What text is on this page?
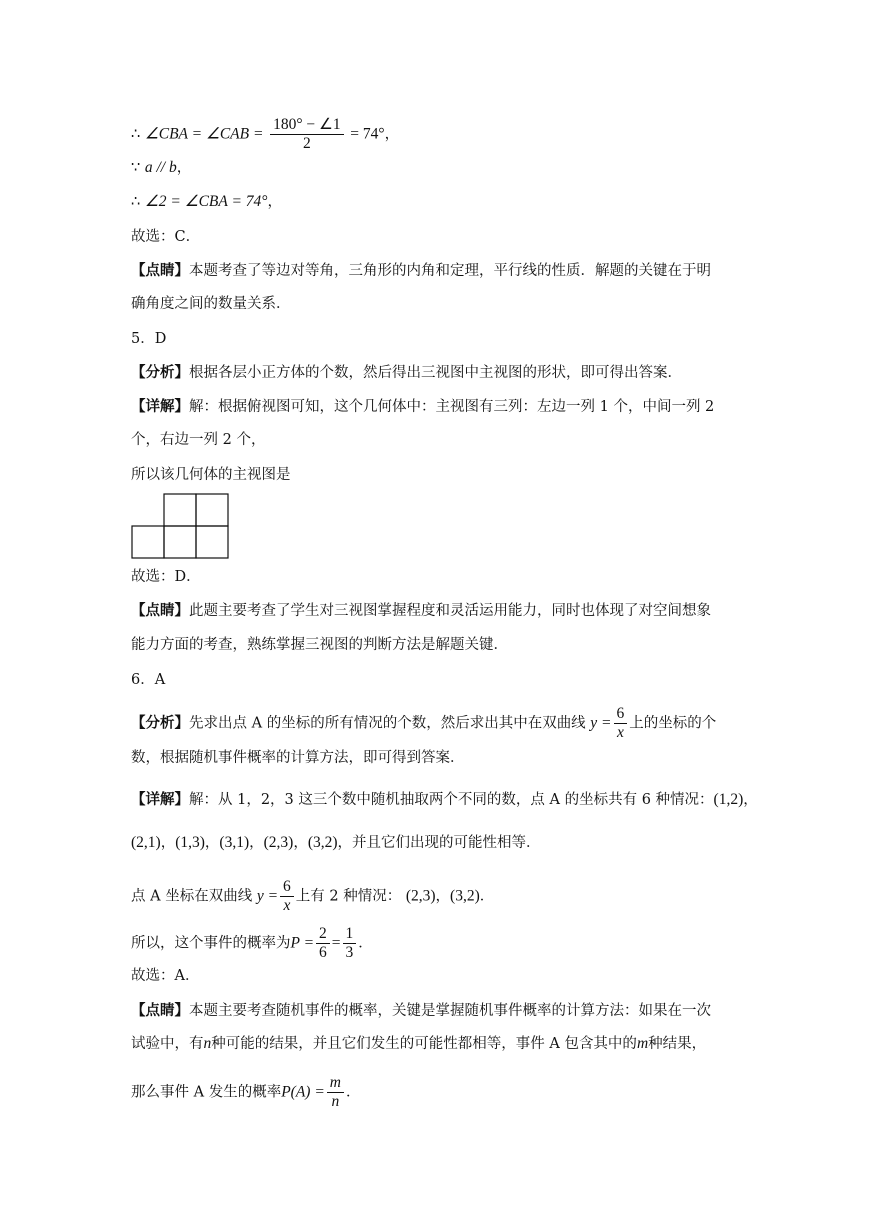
∴ ∠CBA = ∠CAB = $\frac{180^\circ - \angle 1}{2} = 74^\circ$，
∵ a // b，
∴ ∠2 = ∠CBA = 74°，
故选：C．
【点睛】本题考查了等边对等角，三角形的内角和定理，平行线的性质．解题的关键在于明
确角度之间的数量关系．
5．D
【分析】根据各层小正方体的个数，然后得出三视图中主视图的形状，即可得出答案．
【详解】解：根据俯视图可知，这个几何体中：主视图有三列：左边一列 1 个，中间一列 2
个，右边一列 2 个，
所以该几何体的主视图是
故选：D．
【点睛】此题主要考查了学生对三视图掌握程度和灵活运用能力，同时也体现了对空间想象
能力方面的考查，熟练掌握三视图的判断方法是解题关键．
6．A
【分析】先求出点 A 的坐标的所有情况的个数，然后求出其中在双曲线 $y = \frac{6}{x}$ 上的坐标的个
数，根据随机事件概率的计算方法，即可得到答案．
【详解】解：从 1，2，3 这三个数中随机抽取两个不同的数，点 A 的坐标共有 6 种情况：(1,2)，
(2,1)，(1,3)，(3,1)，(2,3)，(3,2)，并且它们出现的可能性相等．
点 A 坐标在双曲线 $y = \frac{6}{x}$ 上有 2 种情况： (2,3)，(3,2)．
所以，这个事件的概率为$P = \frac{2}{6} = \frac{1}{3}$ ．
故选：A．
【点睛】本题主要考查随机事件的概率，关键是掌握随机事件概率的计算方法：如果在一次
试验中，有n种可能的结果，并且它们发生的可能性都相等，事件 A 包含其中的m种结果，
那么事件 A 发生的概率$P(A) = \frac{m}{n}$ ．
